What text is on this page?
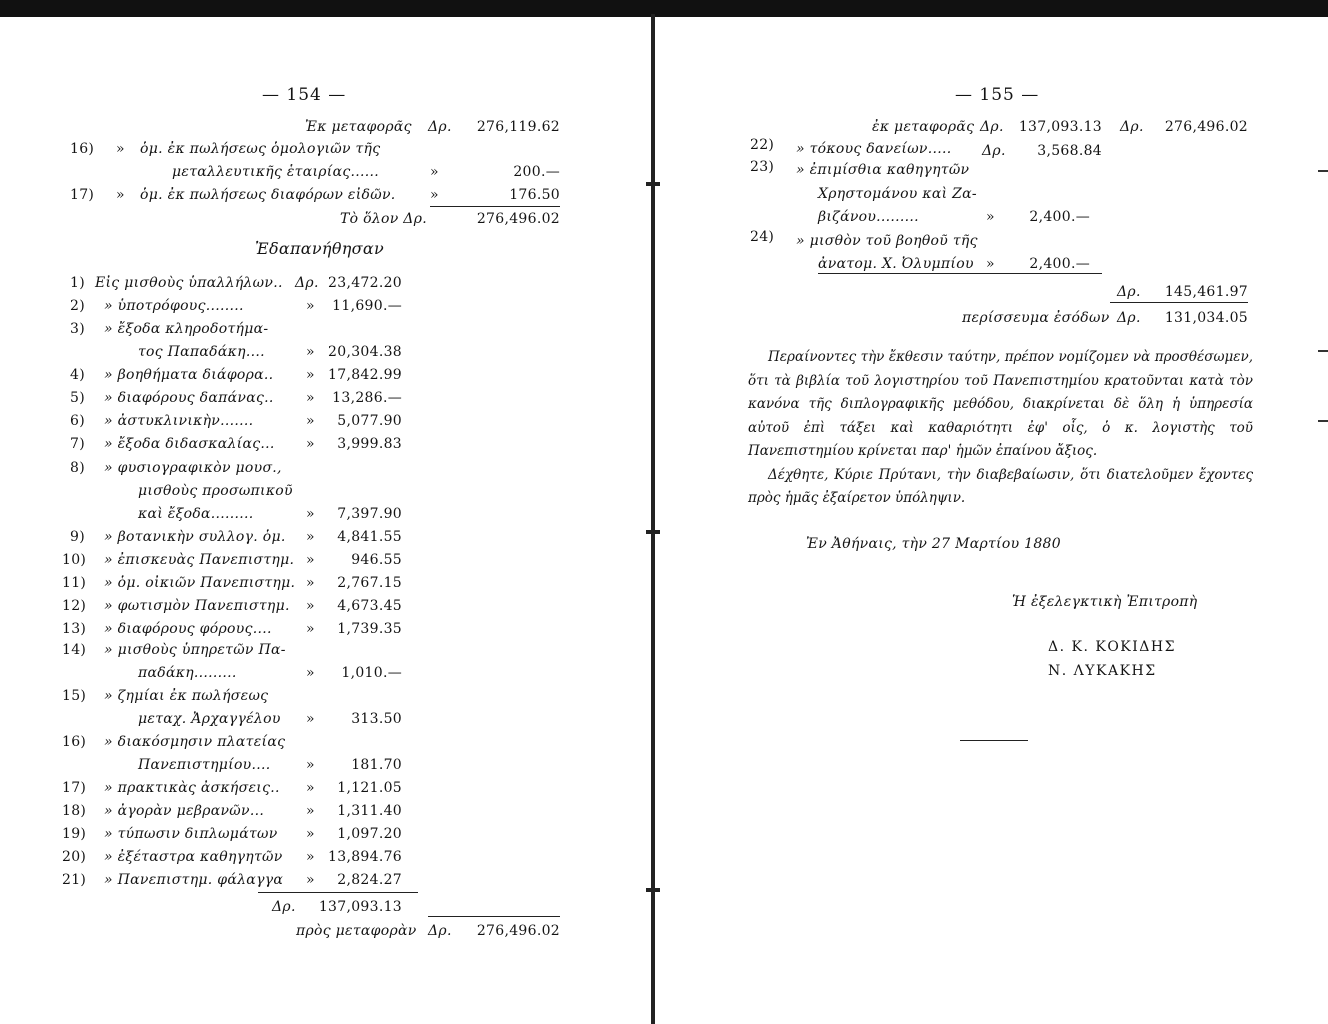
— 154 —
Ἐκ μεταφορᾶς Δρ.	276,119.62
16) » ὁμ. ἐκ πωλήσεως ὁμολογιῶν τῆς
μεταλλευτικῆς ἑταιρίας......	»	200.—
17) » ὁμ. ἐκ πωλήσεως διαφόρων εἰδῶν. »	176.50
Τὸ ὅλον Δρ.	276,496.02
Ἐδαπανήθησαν
1) Εἰς μισθοὺς ὑπαλλήλων.. Δρ. 23,472.20
2) » ὑποτρόφους........	»	11,690.—
3) » ἔξοδα κληροδοτήμα-
τος Παπαδάκη....	» 20,304.38
4) » βοηθήματα διάφορα.. » 17,842.99
5) » διαφόρους δαπάνας.. »	13,286.—
6) » ἀστυκλινικὴν.......	»	5,077.90
7) » ἔξοδα διδασκαλίας... »	3,999.83
8) » φυσιογραφικὸν μουσ.,
μισθοὺς προσωπικοῦ
καὶ ἔξοδα.........	»	7,397.90
9) » βοτανικὴν συλλογ. ὁμ. »	4,841.55
10) » ἐπισκευὰς Πανεπιστημ. »	946.55
11) » ὁμ. οἰκιῶν Πανεπιστημ. »	2,767.15
12) » φωτισμὸν Πανεπιστημ. »	4,673.45
13) » διαφόρους φόρους.... »	1,739.35
14) » μισθοὺς ὑπηρετῶν Πα-
παδάκη.........	»	1,010.—
15) » ζημίαι ἐκ πωλήσεως
μεταχ. Ἀρχαγγέλου »	313.50
16) » διακόσμησιν πλατείας
Πανεπιστημίου....	»	181.70
17) » πρακτικὰς ἀσκήσεις.. »	1,121.05
18) » ἀγορὰν μεβρανῶν...	»	1,311.40
19) » τύπωσιν διπλωμάτων »	1,097.20
20) » ἐξέταστρα καθηγητῶν » 13,894.76
21) » Πανεπιστημ. φάλαγγα »	2,824.27
Δρ.	137,093.13
πρὸς μεταφορὰν Δρ.	276,496.02
— 155 —
ἐκ μεταφορᾶς Δρ.	137,093.13 Δρ.	276,496.02
22) » τόκους δανείων..... Δρ.	3,568.84
23) » ἐπιμίσθια καθηγητῶν
Χρηστομάνου καὶ Ζα-
βιζάνου.........	»	2,400.—
24) » μισθὸν τοῦ βοηθοῦ τῆς
ἀνατομ. Χ. Ὀλυμπίου »	2,400.—
Δρ.	145,461.97
περίσσευμα ἐσόδων Δρ.	131,034.05

Περαίνοντες τὴν ἔκθεσιν ταύτην, πρέπον νομίζομεν νὰ προσθέσωμεν, ὅτι τὰ βιβλία τοῦ λογιστηρίου τοῦ Πανεπιστημίου κρατοῦνται κατὰ τὸν κανόνα τῆς διπλογραφικῆς μεθόδου, διακρίνεται δὲ ὅλη ἡ ὑπηρεσία αὐτοῦ ἐπὶ τάξει καὶ καθαριότητι ἐφ' οἷς, ὁ κ. λογιστὴς τοῦ Πανεπιστημίου κρίνεται παρ' ἡμῶν ἐπαίνου ἄξιος.

Δέχθητε, Κύριε Πρύτανι, τὴν διαβεβαίωσιν, ὅτι διατελοῦμεν ἔχοντες πρὸς ἡμᾶς ἐξαίρετον ὑπόληψιν.

Ἐν Ἀθήναις, τὴν 27 Μαρτίου 1880
Ἡ ἐξελεγκτικὴ Ἐπιτροπὴ
Δ. Κ. ΚΟΚΙΔΗΣ
Ν. ΛΥΚΑΚΗΣ
